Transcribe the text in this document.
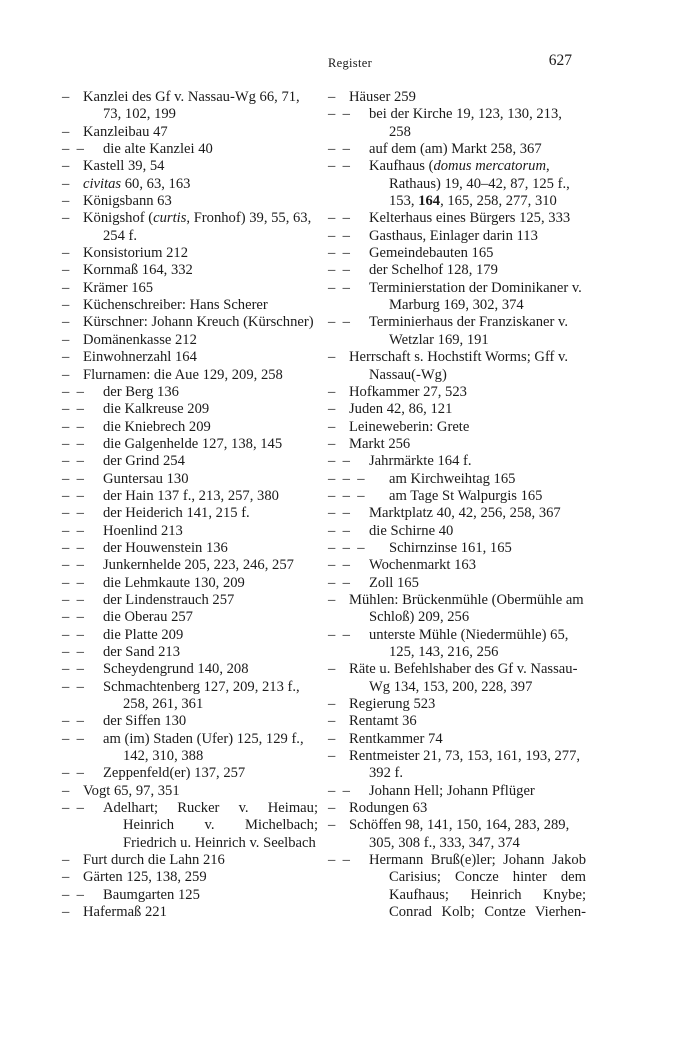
Register	627
– Kanzlei des Gf v. Nassau-Wg 66, 71, 73, 102, 199
– Kanzleibau 47
–  –	die alte Kanzlei 40
– Kastell 39, 54
– civitas 60, 63, 163
– Königsbann 63
– Königshof (curtis, Fronhof) 39, 55, 63, 254 f.
– Konsistorium 212
– Kornmaß 164, 332
– Krämer 165
– Küchenschreiber: Hans Scherer
– Kürschner: Johann Kreuch (Kürschner)
– Domänenkasse 212
– Einwohnerzahl 164
– Flurnamen: die Aue 129, 209, 258
–  –	der Berg 136
–  –	die Kalkreuse 209
–  –	die Kniebrech 209
–  –	die Galgenhelde 127, 138, 145
–  –	der Grind 254
–  –	Guntersau 130
–  –	der Hain 137 f., 213, 257, 380
–  –	der Heiderich 141, 215 f.
–  –	Hoenlind 213
–  –	der Houwenstein 136
–  –	Junkernhelde 205, 223, 246, 257
–  –	die Lehmkaute 130, 209
–  –	der Lindenstrauch 257
–  –	die Oberau 257
–  –	die Platte 209
–  –	der Sand 213
–  –	Scheydengrund 140, 208
–  –	Schmachtenberg 127, 209, 213 f., 258, 261, 361
–  –	der Siffen 130
–  –	am (im) Staden (Ufer) 125, 129 f., 142, 310, 388
–  –	Zeppenfeld(er) 137, 257
– Vogt 65, 97, 351
–  –	Adelhart; Rucker v. Heimau; Heinrich v. Michelbach; Friedrich u. Heinrich v. Seelbach
– Furt durch die Lahn 216
– Gärten 125, 138, 259
–  –	Baumgarten 125
– Hafermaß 221
– Häuser 259
–  –	bei der Kirche 19, 123, 130, 213, 258
–  –	auf dem (am) Markt 258, 367
–  –	Kaufhaus (domus mercatorum, Rathaus) 19, 40–42, 87, 125 f., 153, 164, 165, 258, 277, 310
–  –	Kelterhaus eines Bürgers 125, 333
–  –	Gasthaus, Einlager darin 113
–  –	Gemeindebauten 165
–  –	der Schelhof 128, 179
–  –	Terminierstation der Dominikaner v. Marburg 169, 302, 374
–  –	Terminierhaus der Franziskaner v. Wetzlar 169, 191
– Herrschaft s. Hochstift Worms; Gff v. Nassau(-Wg)
– Hofkammer 27, 523
– Juden 42, 86, 121
– Leineweberin: Grete
– Markt 256
–  –	Jahrmärkte 164 f.
–  –  –	am Kirchweihtag 165
–  –  –	am Tage St Walpurgis 165
–  –	Marktplatz 40, 42, 256, 258, 367
–  –	die Schirne 40
–  –  –	Schirnzinse 161, 165
–  –	Wochenmarkt 163
–  –	Zoll 165
– Mühlen: Brückenmühle (Obermühle am Schloß) 209, 256
–  –	unterste Mühle (Niedermühle) 65, 125, 143, 216, 256
– Räte u. Befehlshaber des Gf v. Nassau-Wg 134, 153, 200, 228, 397
– Regierung 523
– Rentamt 36
– Rentkammer 74
– Rentmeister 21, 73, 153, 161, 193, 277, 392 f.
–  –	Johann Hell; Johann Pflüger
– Rodungen 63
– Schöffen 98, 141, 150, 164, 283, 289, 305, 308 f., 333, 347, 374
–  –	Hermann Bruß(e)ler; Johann Jakob Carisius; Concze hinter dem Kaufhaus; Heinrich Knybe; Conrad Kolb; Contze Vierhen-
